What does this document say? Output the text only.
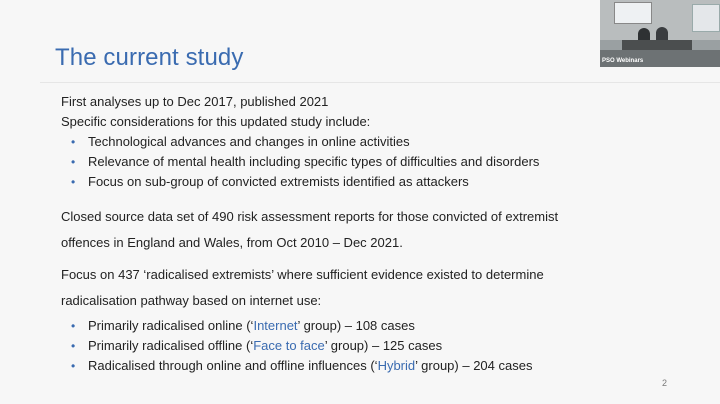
The current study
First analyses up to Dec 2017, published 2021
Specific considerations for this updated study include:
• Technological advances and changes in online activities
• Relevance of mental health including specific types of difficulties and disorders
• Focus on sub-group of convicted extremists identified as attackers
Closed source data set of 490 risk assessment reports for those convicted of extremist
offences in England and Wales, from Oct 2010 – Dec 2021.
Focus on 437 ‘radicalised extremists’ where sufficient evidence existed to determine
radicalisation pathway based on internet use:
• Primarily radicalised online (‘Internet’ group) – 108 cases
• Primarily radicalised offline (‘Face to face’ group) – 125 cases
• Radicalised through online and offline influences (‘Hybrid’ group) – 204 cases
2
PSO Webinars
